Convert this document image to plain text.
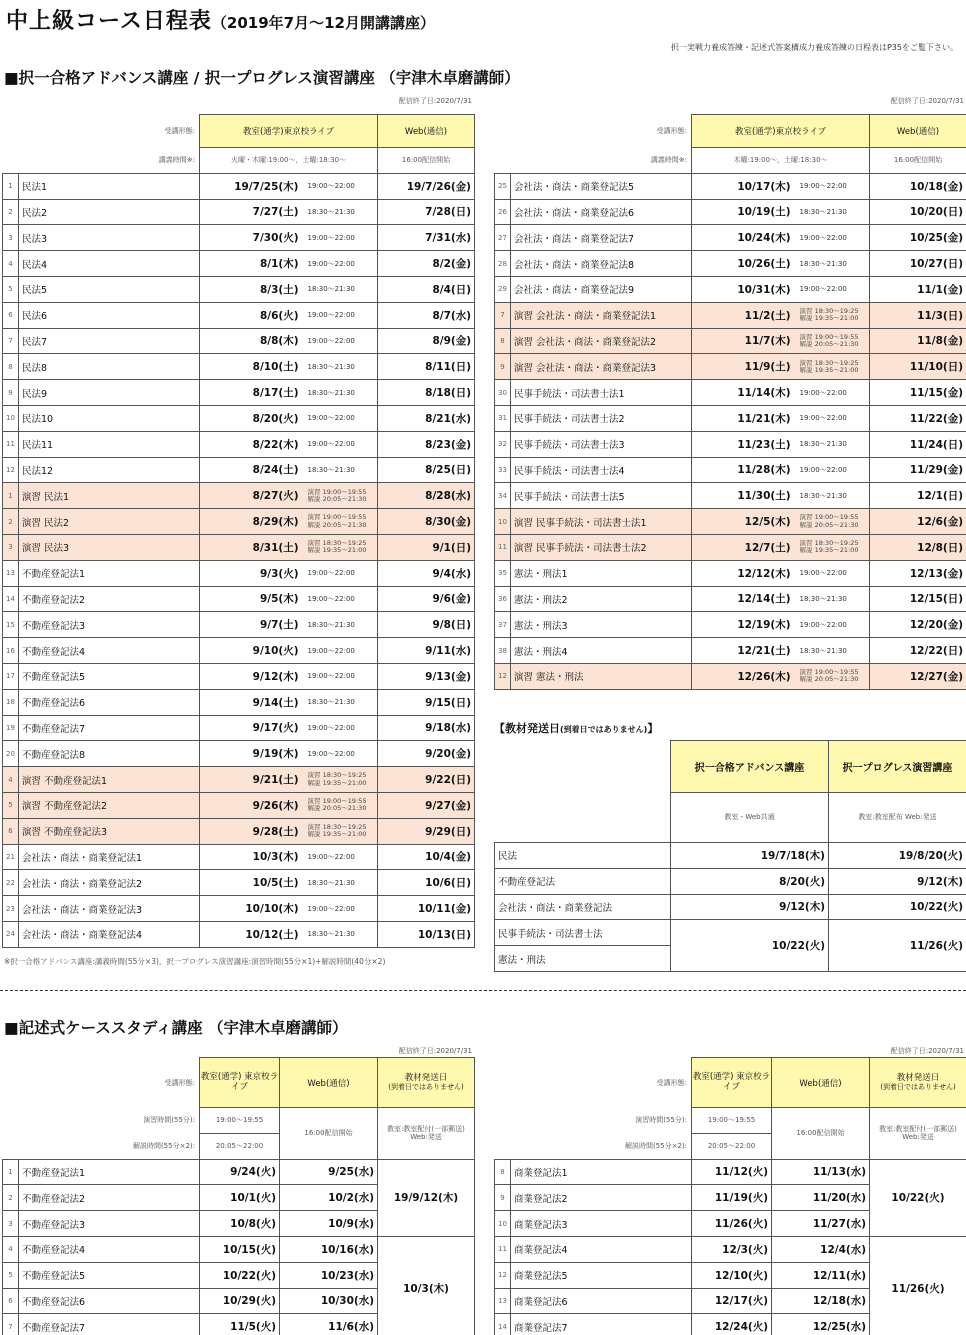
中上級コース日程表（2019年7月～12月開講講座）
択一実戦力養成答練・記述式答案構成力養成答練の日程表はP35をご覧下さい。
■択一合格アドバンス講座 / 択一プログレス演習講座 （宇津木卓磨講師）
配信終了日:2020/7/31	配信終了日:2020/7/31
	受講形態:	教室(通学)東京校ライブ		Web(通信)
	講義時間※:	火曜・木曜:19:00～，土曜:18:30～		16:00配信開始
1	民法1	19/7/25(木)	19:00～22:00	19/7/26(金)
2	民法2	7/27(土)	18:30～21:30	7/28(日)
3	民法3	7/30(火)	19:00～22:00	7/31(水)
4	民法4	8/1(木)	19:00～22:00	8/2(金)
5	民法5	8/3(土)	18:30～21:30	8/4(日)
6	民法6	8/6(火)	19:00～22:00	8/7(水)
7	民法7	8/8(木)	19:00～22:00	8/9(金)
8	民法8	8/10(土)	18:30～21:30	8/11(日)
9	民法9	8/17(土)	18:30～21:30	8/18(日)
10	民法10	8/20(火)	19:00～22:00	8/21(水)
11	民法11	8/22(木)	19:00～22:00	8/23(金)
12	民法12	8/24(土)	18:30～21:30	8/25(日)
1	演習 民法1	8/27(火)	演習 19:00～19:55
解説 20:05～21:30	8/28(水)
2	演習 民法2	8/29(木)	演習 19:00～19:55
解説 20:05～21:30	8/30(金)
3	演習 民法3	8/31(土)	演習 18:30～19:25
解説 19:35～21:00	9/1(日)
13	不動産登記法1	9/3(火)	19:00～22:00	9/4(水)
14	不動産登記法2	9/5(木)	19:00～22:00	9/6(金)
15	不動産登記法3	9/7(土)	18:30～21:30	9/8(日)
16	不動産登記法4	9/10(火)	19:00～22:00	9/11(水)
17	不動産登記法5	9/12(木)	19:00～22:00	9/13(金)
18	不動産登記法6	9/14(土)	18:30～21:30	9/15(日)
19	不動産登記法7	9/17(火)	19:00～22:00	9/18(水)
20	不動産登記法8	9/19(木)	19:00～22:00	9/20(金)
4	演習 不動産登記法1	9/21(土)	演習 18:30～19:25
解説 19:35～21:00	9/22(日)
5	演習 不動産登記法2	9/26(木)	演習 19:00～19:55
解説 20:05～21:30	9/27(金)
6	演習 不動産登記法3	9/28(土)	演習 18:30～19:25
解説 19:35～21:00	9/29(日)
21	会社法・商法・商業登記法1	10/3(木)	19:00～22:00	10/4(金)
22	会社法・商法・商業登記法2	10/5(土)	18:30～21:30	10/6(日)
23	会社法・商法・商業登記法3	10/10(木)	19:00～22:00	10/11(金)
24	会社法・商法・商業登記法4	10/12(土)	18:30～21:30	10/13(日)
	受講形態:	教室(通学)東京校ライブ		Web(通信)
	講義時間※:	木曜:19:00～，土曜:18:30～		16:00配信開始
25	会社法・商法・商業登記法5	10/17(木)	19:00～22:00	10/18(金)
26	会社法・商法・商業登記法6	10/19(土)	18:30～21:30	10/20(日)
27	会社法・商法・商業登記法7	10/24(木)	19:00～22:00	10/25(金)
28	会社法・商法・商業登記法8	10/26(土)	18:30～21:30	10/27(日)
29	会社法・商法・商業登記法9	10/31(木)	19:00～22:00	11/1(金)
7	演習 会社法・商法・商業登記法1	11/2(土)	演習 18:30～19:25
解説 19:35～21:00	11/3(日)
8	演習 会社法・商法・商業登記法2	11/7(木)	演習 19:00～19:55
解説 20:05～21:30	11/8(金)
9	演習 会社法・商法・商業登記法3	11/9(土)	演習 18:30～19:25
解説 19:35～21:00	11/10(日)
30	民事手続法・司法書士法1	11/14(木)	19:00～22:00	11/15(金)
31	民事手続法・司法書士法2	11/21(木)	19:00～22:00	11/22(金)
32	民事手続法・司法書士法3	11/23(土)	18:30～21:30	11/24(日)
33	民事手続法・司法書士法4	11/28(木)	19:00～22:00	11/29(金)
34	民事手続法・司法書士法5	11/30(土)	18:30～21:30	12/1(日)
10	演習 民事手続法・司法書士法1	12/5(木)	演習 19:00～19:55
解説 20:05～21:30	12/6(金)
11	演習 民事手続法・司法書士法2	12/7(土)	演習 18:30～19:25
解説 19:35～21:00	12/8(日)
35	憲法・刑法1	12/12(木)	19:00～22:00	12/13(金)
36	憲法・刑法2	12/14(土)	18:30～21:30	12/15(日)
37	憲法・刑法3	12/19(木)	19:00～22:00	12/20(金)
38	憲法・刑法4	12/21(土)	18:30～21:30	12/22(日)
12	演習 憲法・刑法	12/26(木)	演習 19:00～19:55
解説 20:05～21:30	12/27(金)
※択一合格アドバンス講座:講義時間(55分×3)，択一プログレス演習講座:演習時間(55分×1)+解説時間(40分×2)
【教材発送日(到着日ではありません)】
	択一合格アドバンス講座	択一プログレス演習講座
	教室・Web共通	教室:教室配布 Web:発送
民法	19/7/18(木)	19/8/20(火)
不動産登記法	8/20(火)	9/12(木)
会社法・商法・商業登記法	9/12(木)	10/22(火)
民事手続法・司法書士法	10/22(火)	11/26(火)
憲法・刑法		
■記述式ケーススタディ講座 （宇津木卓磨講師）
配信終了日:2020/7/31	配信終了日:2020/7/31
	受講形態:	教室(通学) 東京校ライブ	Web(通信)	教材発送日
(到着日ではありません)

	演習時間(55分):	19:00～19:55	16:00配信開始	教室:教室配付(一部郵送) Web:発送
	解説時間(55分×2):	20:05～22:00		
1	不動産登記法1	9/24(火)	9/25(水)	19/9/12(木)
2	不動産登記法2	10/1(火)	10/2(水)	
3	不動産登記法3	10/8(火)	10/9(水)	
4	不動産登記法4	10/15(火)	10/16(水)	10/3(木)
5	不動産登記法5	10/22(火)	10/23(水)	
6	不動産登記法6	10/29(火)	10/30(水)	
7	不動産登記法7	11/5(火)	11/6(水)	
	受講形態:	教室(通学) 東京校ライブ	Web(通信)	教材発送日
(到着日ではありません)

	演習時間(55分):	19:00～19:55	16:00配信開始	教室:教室配付(一部郵送) Web:発送
	解説時間(55分×2):	20:05～22:00		
8	商業登記法1	11/12(火)	11/13(水)	10/22(火)
9	商業登記法2	11/19(火)	11/20(水)	
10	商業登記法3	11/26(火)	11/27(水)	
11	商業登記法4	12/3(火)	12/4(水)	11/26(火)
12	商業登記法5	12/10(火)	12/11(水)	
13	商業登記法6	12/17(火)	12/18(水)	
14	商業登記法7	12/24(火)	12/25(水)	
